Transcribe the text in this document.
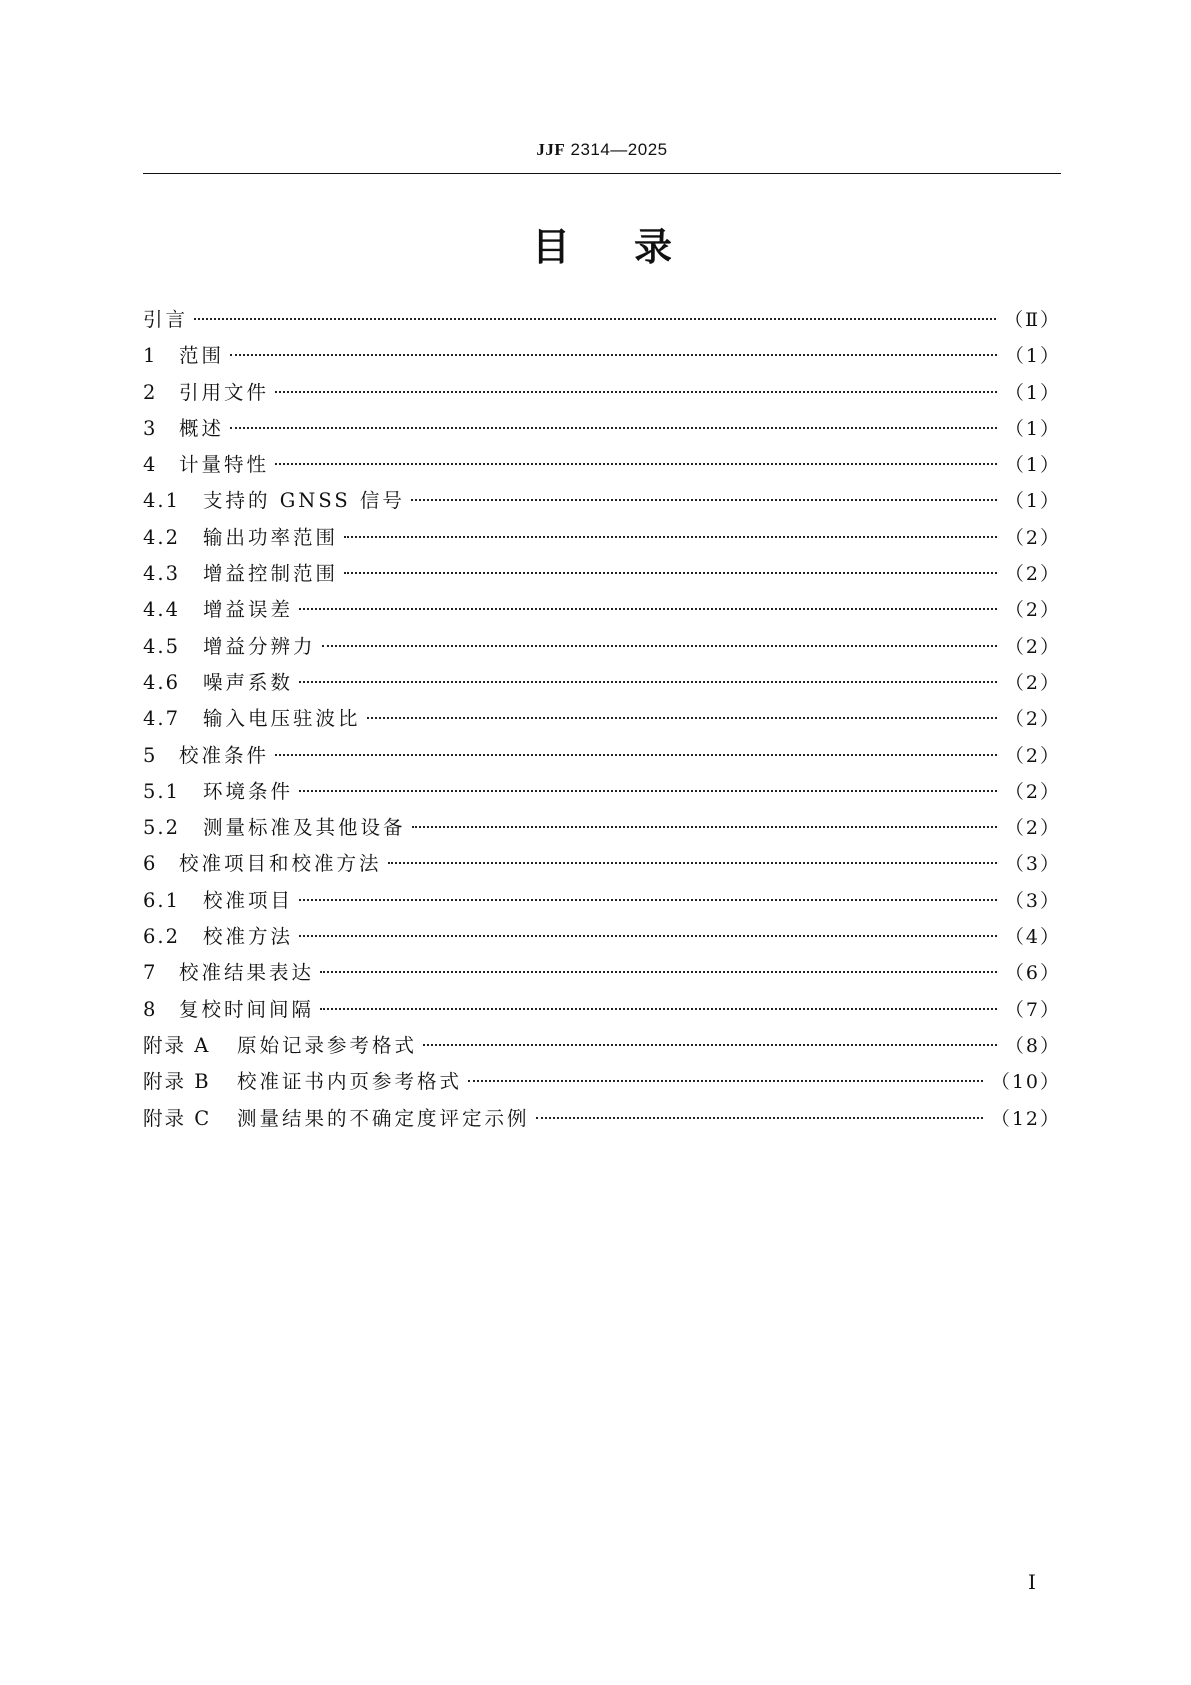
JJF 2314—2025
目录
引言	（Ⅱ）
1	范围	（1）
2	引用文件	（1）
3	概述	（1）
4	计量特性	（1）
4.1	支持的 GNSS 信号	（1）
4.2	输出功率范围	（2）
4.3	增益控制范围	（2）
4.4	增益误差	（2）
4.5	增益分辨力	（2）
4.6	噪声系数	（2）
4.7	输入电压驻波比	（2）
5	校准条件	（2）
5.1	环境条件	（2）
5.2	测量标准及其他设备	（2）
6	校准项目和校准方法	（3）
6.1	校准项目	（3）
6.2	校准方法	（4）
7	校准结果表达	（6）
8	复校时间间隔	（7）
附录 A	原始记录参考格式	（8）
附录 B	校准证书内页参考格式	（10）
附录 C	测量结果的不确定度评定示例	（12）
I
